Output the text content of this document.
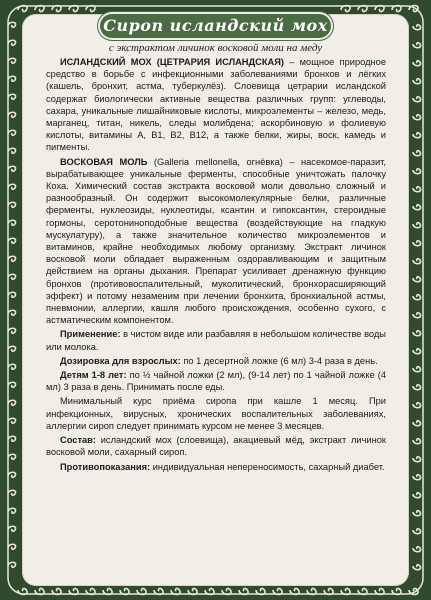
Сироп исландский мох
с экстрактом личинок восковой моли на меду

ИСЛАНДСКИЙ МОХ (ЦЕТРАРИЯ ИСЛАНДСКАЯ) – мощное природное средство в борьбе с инфекционными заболеваниями бронхов и лёгких (кашель, бронхит, астма, туберкулёз). Слоевища цетрарии исландской содержат биологически активные вещества различных групп: углеводы, сахара, уникальные лишайниковые кислоты, микроэлементы – железо, медь, марганец, титан, никель, следы молибдена; аскорбиновую и фолиевую кислоты, витамины А, В1, В2, В12, а также белки, жиры, воск, камедь и пигменты.

ВОСКОВАЯ МОЛЬ (Galleria mellonella, огнёвка) – насекомое-паразит, вырабатывающее уникальные ферменты, способные уничтожать палочку Коха. Химический состав экстракта восковой моли довольно сложный и разнообразный. Он содержит высокомолекулярные белки, различные ферменты, нуклеозиды, нуклеотиды, ксантин и гипоксантин, стероидные гормоны, серотониноподобные вещества (воздействующие на гладкую мускулатуру), а также значительное количество микроэлементов и витаминов, крайне необходимых любому организму. Экстракт личинок восковой моли обладает выраженным оздоравливающим и защитным действием на органы дыхания. Препарат усиливает дренажную функцию бронхов (противовоспалительный, муколитический, бронхорасширяющий эффект) и потому незаменим при лечении бронхита, бронхиальной астмы, пневмонии, аллергии, кашля любого происхождения, особенно сухого, с астматическим компонентом.

Применение: в чистом виде или разбавляя в небольшом количестве воды или молока.

Дозировка для взрослых: по 1 десертной ложке (6 мл) 3-4 раза в день.

Детям 1-8 лет: по ½ чайной ложки (2 мл), (9-14 лет) по 1 чайной ложке (4 мл) 3 раза в день. Принимать после еды.

Минимальный курс приёма сиропа при кашле 1 месяц. При инфекционных, вирусных, хронических воспалительных заболеваниях, аллергии сироп следует принимать курсом не менее 3 месяцев.

Состав: исландский мох (слоевища), акациевый мёд, экстракт личинок восковой моли, сахарный сироп.

Противопоказания: индивидуальная непереносимость, сахарный диабет.
